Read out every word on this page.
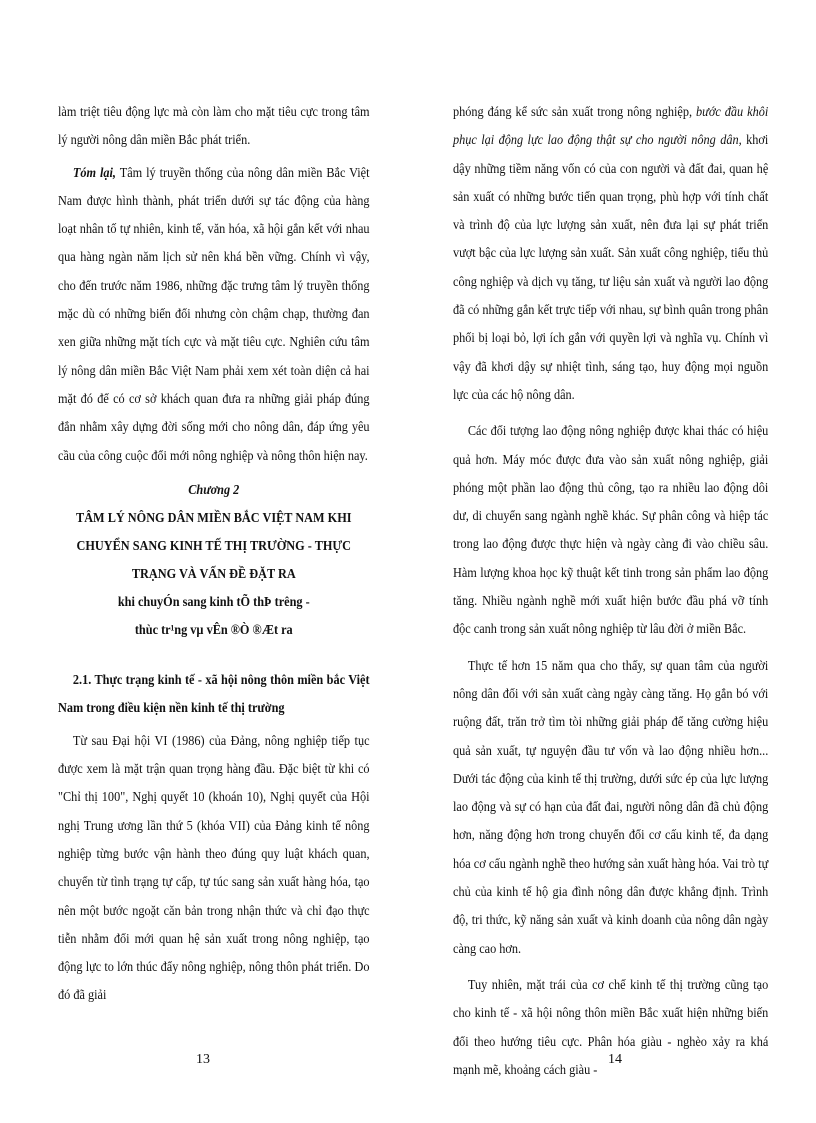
làm triệt tiêu động lực mà còn làm cho mặt tiêu cực trong tâm lý người nông dân miền Bắc phát triển.

Tóm lại, Tâm lý truyền thống của nông dân miền Bắc Việt Nam được hình thành, phát triển dưới sự tác động của hàng loạt nhân tố tự nhiên, kinh tế, văn hóa, xã hội gắn kết với nhau qua hàng ngàn năm lịch sử nên khá bền vững. Chính vì vậy, cho đến trước năm 1986, những đặc trưng tâm lý truyền thống mặc dù có những biến đổi nhưng còn chậm chạp, thường đan xen giữa những mặt tích cực và mặt tiêu cực. Nghiên cứu tâm lý nông dân miền Bắc Việt Nam phải xem xét toàn diện cả hai mặt đó để có cơ sở khách quan đưa ra những giải pháp đúng đắn nhằm xây dựng đời sống mới cho nông dân, đáp ứng yêu cầu của công cuộc đổi mới nông nghiệp và nông thôn hiện nay.

Chương 2
TÂM LÝ NÔNG DÂN MIỀN BẮC VIỆT NAM KHI CHUYỂN SANG KINH TẾ THỊ TRƯỜNG - THỰC TRẠNG VÀ VẤN ĐỀ ĐẶT RA
khi chuyÓn sang kinh tÕ thÞ trêng -
thùc tr¹ng vµ vÊn ®Ò ®Æt ra
2.1. Thực trạng kinh tế - xã hội nông thôn miền bắc Việt Nam trong điều kiện nền kinh tế thị trường

Từ sau Đại hội VI (1986) của Đảng, nông nghiệp tiếp tục được xem là mặt trận quan trọng hàng đầu. Đặc biệt từ khi có "Chỉ thị 100", Nghị quyết 10 (khoán 10), Nghị quyết của Hội nghị Trung ương lần thứ 5 (khóa VII) của Đảng kinh tế nông nghiệp từng bước vận hành theo đúng quy luật khách quan, chuyển từ tình trạng tự cấp, tự túc sang sản xuất hàng hóa, tạo nên một bước ngoặt căn bản trong nhận thức và chỉ đạo thực tiễn nhằm đổi mới quan hệ sản xuất trong nông nghiệp, tạo động lực to lớn thúc đẩy nông nghiệp, nông thôn phát triển. Do đó đã giải

phóng đáng kể sức sản xuất trong nông nghiệp, bước đầu khôi phục lại động lực lao động thật sự cho người nông dân, khơi dậy những tiềm năng vốn có của con người và đất đai, quan hệ sản xuất có những bước tiến quan trọng, phù hợp với tính chất và trình độ của lực lượng sản xuất, nên đưa lại sự phát triển vượt bậc của lực lượng sản xuất. Sản xuất công nghiệp, tiểu thủ công nghiệp và dịch vụ tăng, tư liệu sản xuất và người lao động đã có những gắn kết trực tiếp với nhau, sự bình quân trong phân phối bị loại bỏ, lợi ích gắn với quyền lợi và nghĩa vụ. Chính vì vậy đã khơi dậy sự nhiệt tình, sáng tạo, huy động mọi nguồn lực của các hộ nông dân.

Các đối tượng lao động nông nghiệp được khai thác có hiệu quả hơn. Máy móc được đưa vào sản xuất nông nghiệp, giải phóng một phần lao động thủ công, tạo ra nhiều lao động dôi dư, di chuyển sang ngành nghề khác. Sự phân công và hiệp tác trong lao động được thực hiện và ngày càng đi vào chiều sâu. Hàm lượng khoa học kỹ thuật kết tinh trong sản phẩm lao động tăng. Nhiều ngành nghề mới xuất hiện bước đầu phá vỡ tính độc canh trong sản xuất nông nghiệp từ lâu đời ở miền Bắc.

Thực tế hơn 15 năm qua cho thấy, sự quan tâm của người nông dân đối với sản xuất càng ngày càng tăng. Họ gắn bó với ruộng đất, trăn trở tìm tòi những giải pháp để tăng cường hiệu quả sản xuất, tự nguyện đầu tư vốn và lao động nhiều hơn... Dưới tác động của kinh tế thị trường, dưới sức ép của lực lượng lao động và sự có hạn của đất đai, người nông dân đã chủ động hơn, năng động hơn trong chuyển đổi cơ cấu kinh tế, đa dạng hóa cơ cấu ngành nghề theo hướng sản xuất hàng hóa. Vai trò tự chủ của kinh tế hộ gia đình nông dân được khẳng định. Trình độ, tri thức, kỹ năng sản xuất và kinh doanh của nông dân ngày càng cao hơn.

Tuy nhiên, mặt trái của cơ chế kinh tế thị trường cũng tạo cho kinh tế - xã hội nông thôn miền Bắc xuất hiện những biến đổi theo hướng tiêu cực. Phân hóa giàu - nghèo xảy ra khá mạnh mẽ, khoảng cách giàu -

13	14
